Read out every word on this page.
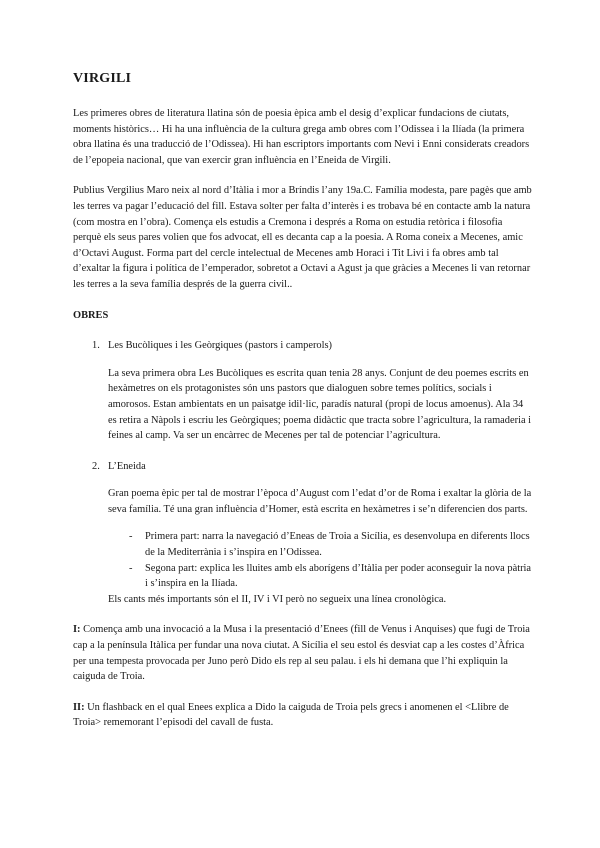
VIRGILI

Les primeres obres de literatura llatina són de poesia èpica amb el desig d’explicar fundacions de ciutats, moments històrics… Hi ha una influència de la cultura grega amb obres com l’Odissea i la Ilíada (la primera obra llatina és una traducció de l’Odissea). Hi han escriptors importants com Nevi i Enni considerats creadors de l’epopeia nacional, que van exercir gran influència en l’Eneida de Virgili.

Publius Vergilius Maro neix al nord d’Itàlia i mor a Bríndis l’any 19a.C. Família modesta, pare pagès que amb les terres va pagar l’educació del fill. Estava solter per falta d’interès i es trobava bé en contacte amb la natura (com mostra en l’obra). Comença els estudis a Cremona i després a Roma on estudia retòrica i filosofia perquè els seus pares volien que fos advocat, ell es decanta cap a la poesia. A Roma coneix a Mecenes, amic d’Octavi August. Forma part del cercle intelectual de Mecenes amb Horaci i Tit Livi i fa obres amb tal d’exaltar la figura i política de l’emperador, sobretot a Octavi a Agust ja que gràcies a Mecenes li van retornar les terres a la seva família després de la guerra civil..

OBRES
1. Les Bucòliques i les Geòrgiques (pastors i camperols)

La seva primera obra Les Bucòliques es escrita quan tenia 28 anys. Conjunt de deu poemes escrits en hexàmetres on els protagonistes són uns pastors que dialoguen sobre temes polítics, socials i amorosos. Estan ambientats en un paisatge idil·lic, paradís natural (propi de locus amoenus). Ala 34 es retira a Nàpols i escriu les Geòrgiques; poema didàctic que tracta sobre l’agricultura, la ramaderia i feines al camp. Va ser un encàrrec de Mecenes per tal de potenciar l’agricultura.

2. L’Eneida

Gran poema èpic per tal de mostrar l’època d’August com l’edat d’or de Roma i exaltar la glòria de la seva família. Té una gran influència d’Homer, està escrita en hexàmetres i se’n diferencien dos parts.

-	Primera part: narra la navegació d’Eneas de Troia a Sicília, es desenvolupa en diferents llocs de la Mediterrània i s’inspira en l’Odissea.
-	Segona part: explica les lluites amb els aborígens d’Itàlia per poder aconseguir la nova pàtria i s’inspira en la Ilíada.

Els cants més importants són el II, IV i VI però no segueix una línea cronològica.

I: Comença amb una invocació a la Musa i la presentació d’Enees (fill de Venus i Anquises) que fugi de Troia cap a la península Itàlica per fundar una nova ciutat. A Sicília el seu estol és desviat cap a les costes d’Àfrica per una tempesta provocada per Juno però Dido els rep al seu palau. i els hi demana que l’hi expliquin la caiguda de Troia.

II: Un flashback en el qual Enees explica a Dido la caiguda de Troia pels grecs i anomenen el <Llibre de Troia> rememorant l’episodi del cavall de fusta.
